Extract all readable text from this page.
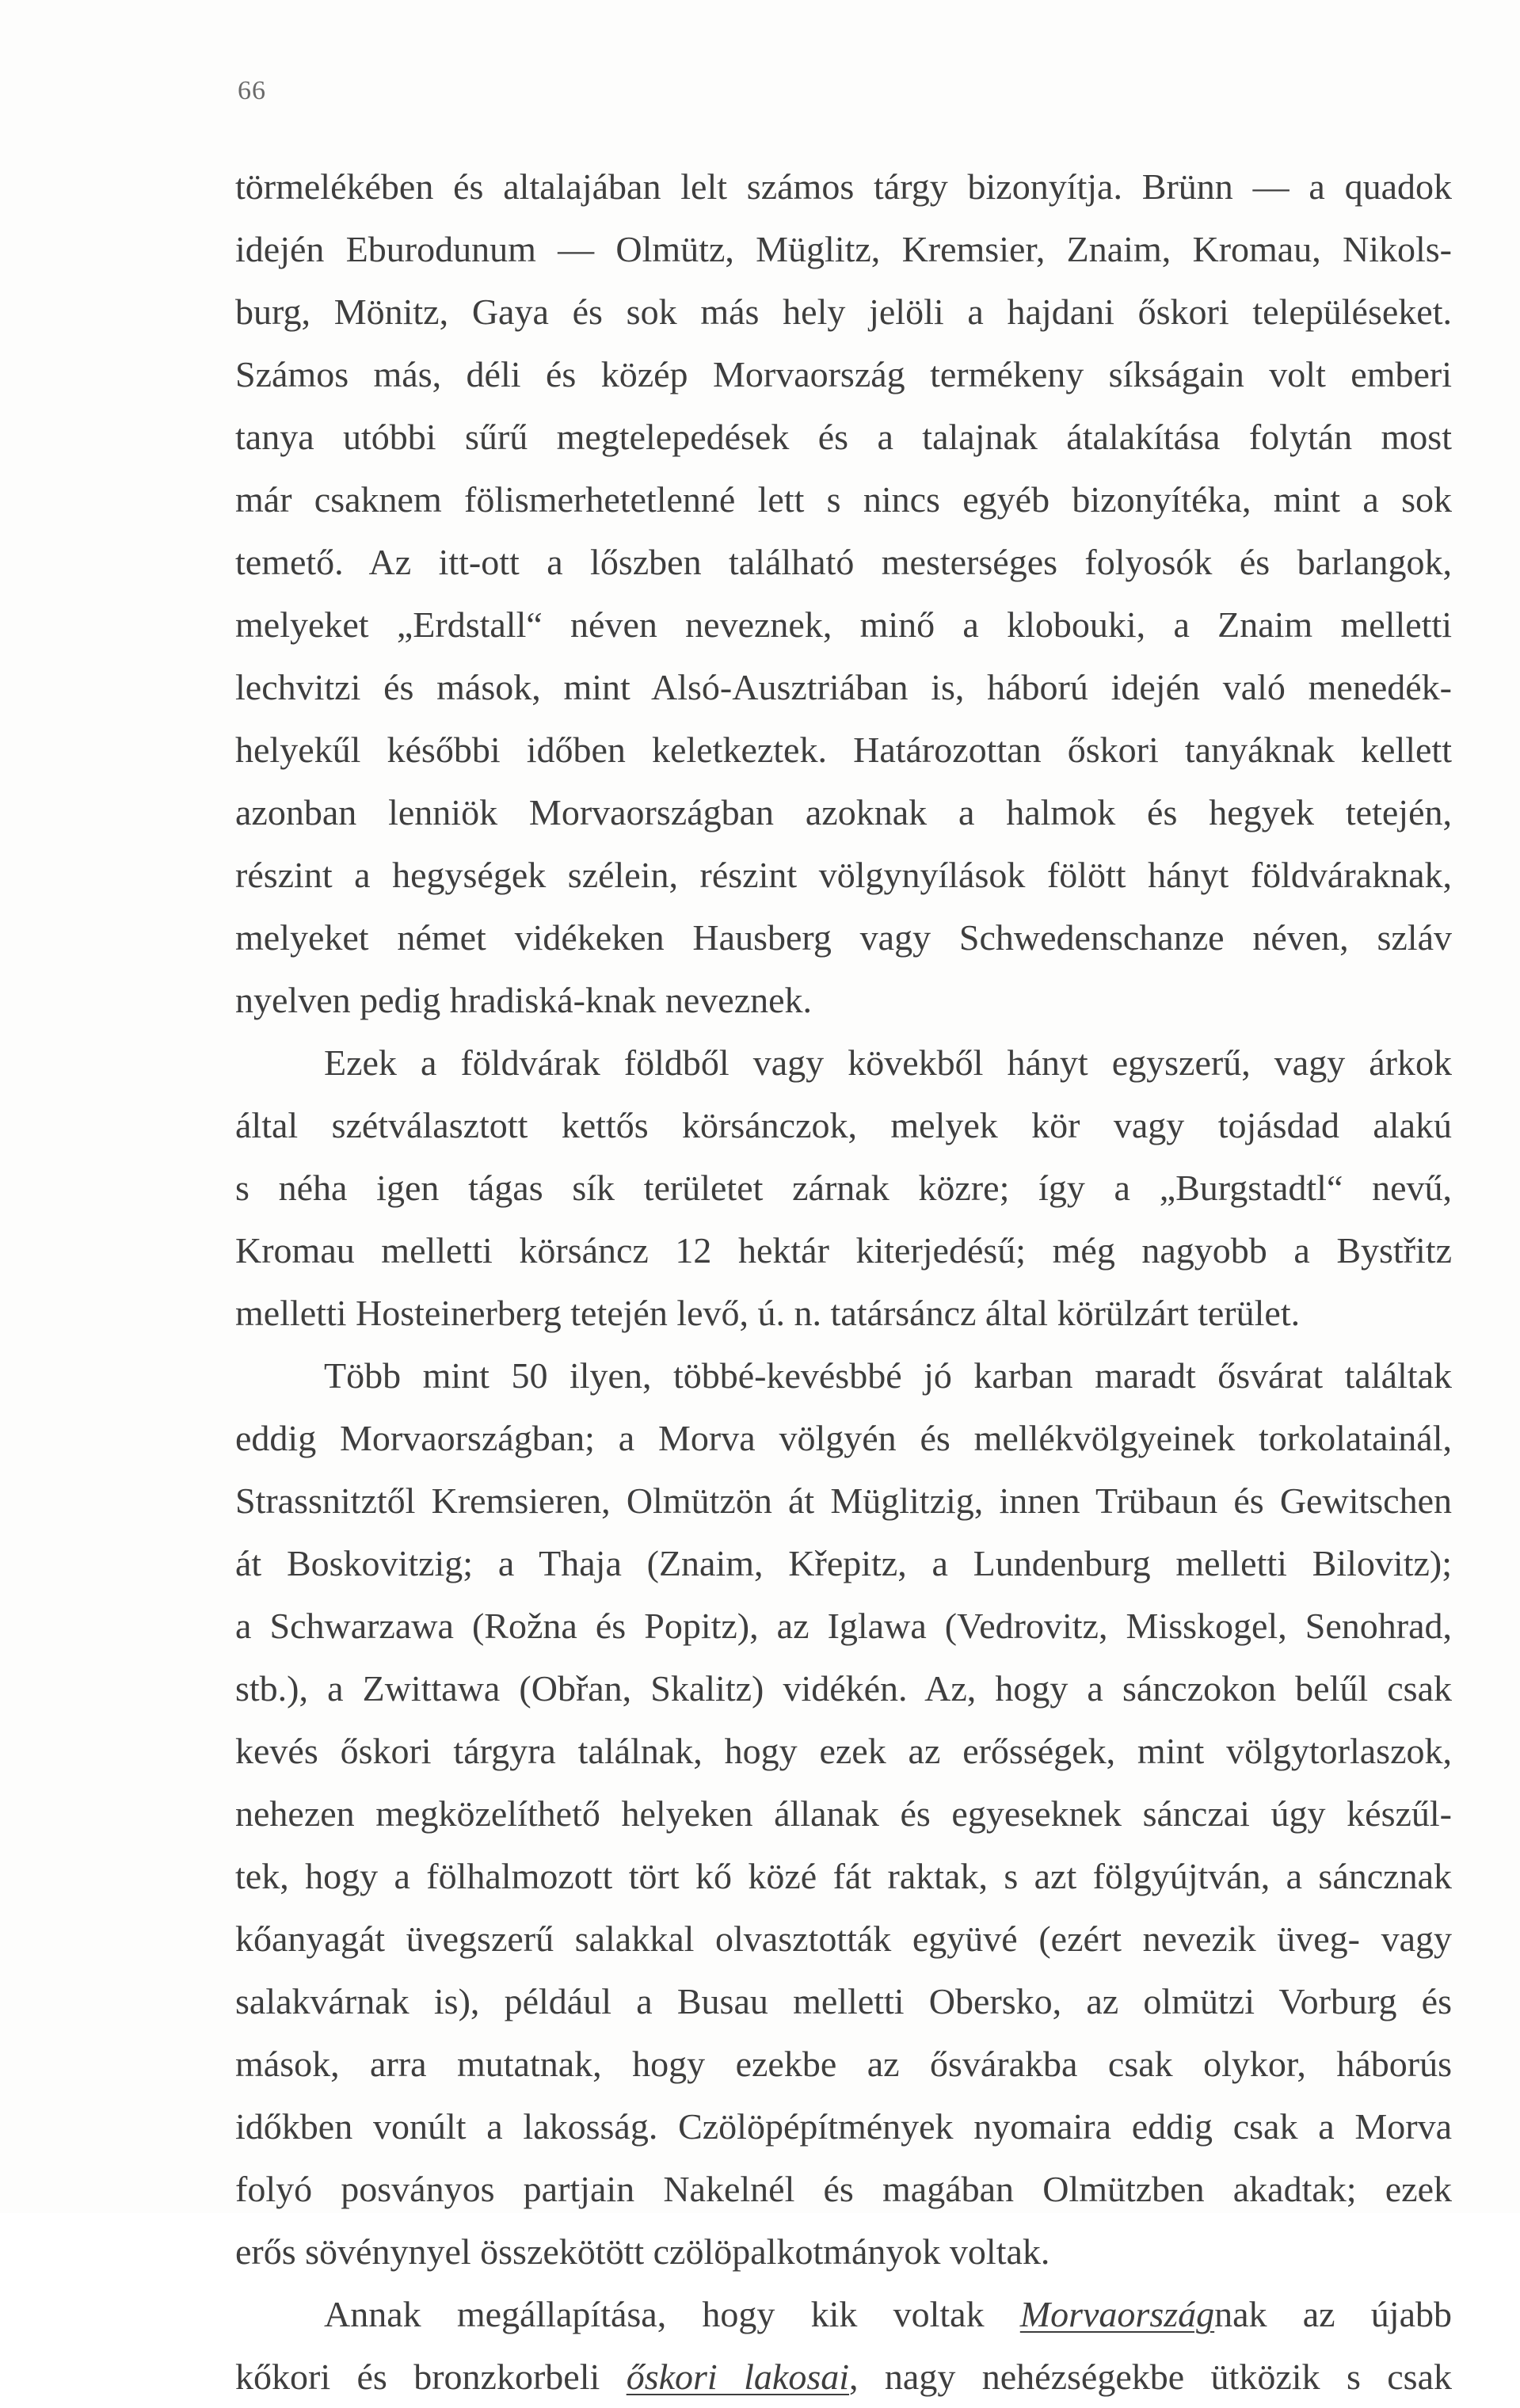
66
törmelékében és altalajában lelt számos tárgy bizonyítja. Brünn — a quadok
idején Eburodunum — Olmütz, Müglitz, Kremsier, Znaim, Kromau, Nikols-
burg, Mönitz, Gaya és sok más hely jelöli a hajdani őskori településeket.
Számos más, déli és közép Morvaország termékeny síkságain volt emberi
tanya utóbbi sűrű megtelepedések és a talajnak átalakítása folytán most
már csaknem fölismerhetetlenné lett s nincs egyéb bizonyítéka, mint a sok
temető. Az itt-ott a lőszben található mesterséges folyosók és barlangok,
melyeket „Erdstall“ néven neveznek, minő a klobouki, a Znaim melletti
lechvitzi és mások, mint Alsó-Ausztriában is, háború idején való menedék-
helyekűl későbbi időben keletkeztek. Határozottan őskori tanyáknak kellett
azonban lenniök Morvaországban azoknak a halmok és hegyek tetején,
részint a hegységek szélein, részint völgynyílások fölött hányt földváraknak,
melyeket német vidékeken Hausberg vagy Schwedenschanze néven, szláv
nyelven pedig hradiská-knak neveznek.
Ezek a földvárak földből vagy kövekből hányt egyszerű, vagy árkok
által szétválasztott kettős körsánczok, melyek kör vagy tojásdad alakú
s néha igen tágas sík területet zárnak közre; így a „Burgstadtl“ nevű,
Kromau melletti körsáncz 12 hektár kiterjedésű; még nagyobb a Bystřitz
melletti Hosteinerberg tetején levő, ú. n. tatársáncz által körülzárt terület.
Több mint 50 ilyen, többé-kevésbbé jó karban maradt ősvárat találtak
eddig Morvaországban; a Morva völgyén és mellékvölgyeinek torkolatainál,
Strassnitztől Kremsieren, Olmützön át Müglitzig, innen Trübaun és Gewitschen
át Boskovitzig; a Thaja (Znaim, Křepitz, a Lundenburg melletti Bilovitz);
a Schwarzawa (Rožna és Popitz), az Iglawa (Vedrovitz, Misskogel, Senohrad,
stb.), a Zwittawa (Obřan, Skalitz) vidékén. Az, hogy a sánczokon belűl csak
kevés őskori tárgyra találnak, hogy ezek az erősségek, mint völgytorlaszok,
nehezen megközelíthető helyeken állanak és egyeseknek sánczai úgy készűl-
tek, hogy a fölhalmozott tört kő közé fát raktak, s azt fölgyújtván, a sáncznak
kőanyagát üvegszerű salakkal olvasztották együvé (ezért nevezik üveg- vagy
salakvárnak is), például a Busau melletti Obersko, az olmützi Vorburg és
mások, arra mutatnak, hogy ezekbe az ősvárakba csak olykor, háborús
időkben vonúlt a lakosság. Czölöpépítmények nyomaira eddig csak a Morva
folyó posványos partjain Nakelnél és magában Olmützben akadtak; ezek
erős sövénynyel összekötött czölöpalkotmányok voltak.
Annak megállapítása, hogy kik voltak Morvaországnak az újabb
kőkori és bronzkorbeli őskori lakosai, nagy nehézségekbe ütközik s csak
